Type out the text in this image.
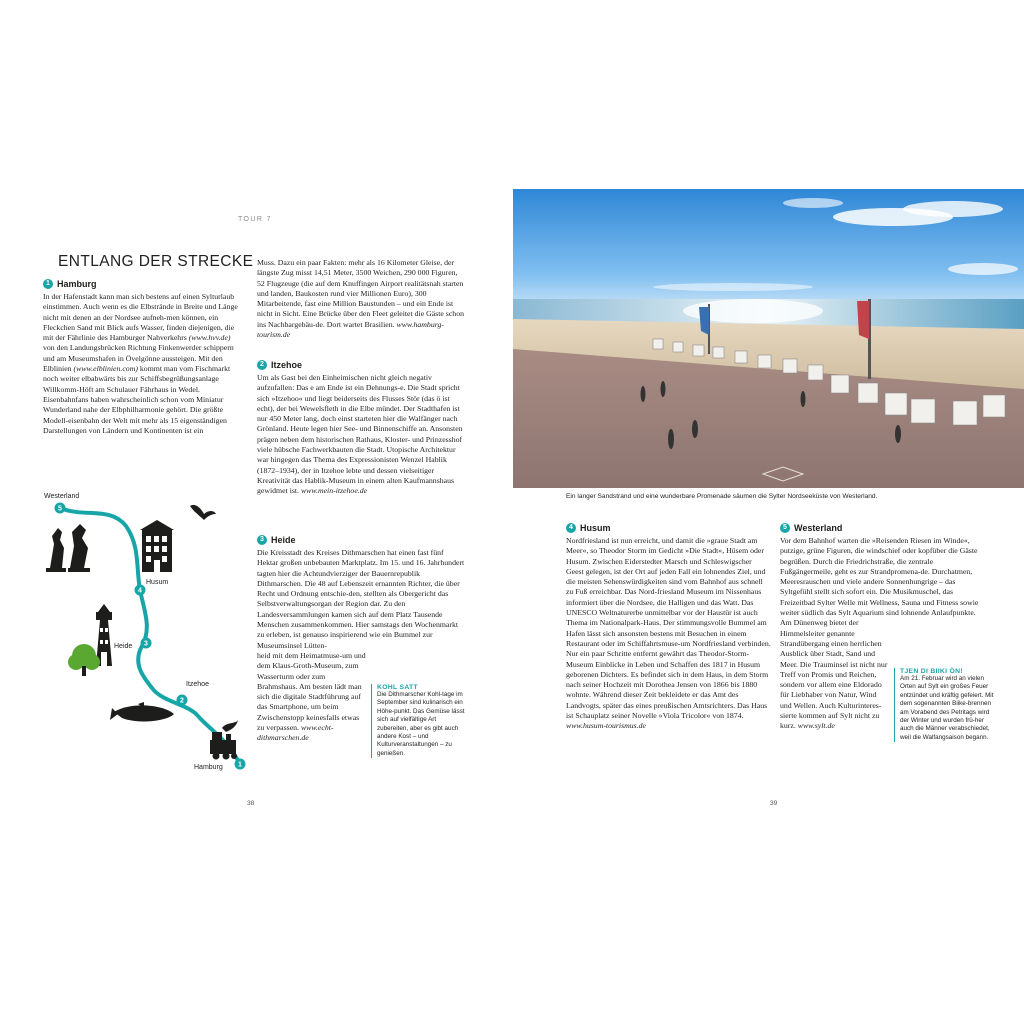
TOUR 7
ENTLANG DER STRECKE
1 Hamburg
In der Hafenstadt kann man sich bestens auf einen Sylturlaub einstimmen. Auch wenn es die Elbstrände in Breite und Länge nicht mit denen an der Nordsee aufneh-men können, ein Fleckchen Sand mit Blick aufs Wasser, finden diejenigen, die mit der Fährlinie des Hamburger Nahverkehrs (www.hvv.de) von den Landungsbrücken Richtung Finkenwerder schippern und am Museumshafen in Övelgönne aussteigen. Mit den Elblinien (www.elblinien.com) kommt man vom Fischmarkt noch weiter elbabwärts bis zur Schiffsbegrüßungsanlage Willkomm-Höft am Schulauer Fährhaus in Wedel. Eisenbahnfans haben wahrscheinlich schon vom Miniatur Wunderland nahe der Elbphilharmonie gehört. Die größte Modell-eisenbahn der Welt mit mehr als 15 eigenständigen Darstellungen von Ländern und Kontinenten ist ein
5
4
3
2
1
Westerland
Husum
Heide
Itzehoe
Hamburg
Muss. Dazu ein paar Fakten: mehr als 16 Kilometer Gleise, der längste Zug misst 14,51 Meter, 3500 Weichen, 290 000 Figuren, 52 Flugzeuge (die auf dem Knuffingen Airport realitätsnah starten und landen, Baukosten rund vier Millionen Euro), 300 Mitarbeitende, fast eine Million Baustunden – und ein Ende ist nicht in Sicht. Eine Brücke über den Fleet geleitet die Gäste schon ins Nachbargebäu-de. Dort wartet Brasilien. www.hamburg-tourism.de
2 Itzehoe
Um als Gast bei den Einheimischen nicht gleich negativ aufzufallen: Das e am Ende ist ein Dehnungs-e. Die Stadt spricht sich »Itzehoo« und liegt beiderseits des Flusses Stör (das ö ist echt), der bei Wewelsfleth in die Elbe mündet. Der Stadthafen ist nur 450 Meter lang, doch einst starteten hier die Walfänger nach Grönland. Heute legen hier See- und Binnenschiffe an. Ansonsten prägen neben dem historischen Rathaus, Kloster- und Prinzesshof viele hübsche Fachwerkbauten die Stadt. Utopische Architektur war hingegen das Thema des Expressionisten Wenzel Hablik (1872–1934), der in Itzehoe lebte und dessen vielseitiger Kreativität das Hablik-Museum in einem alten Kaufmannshaus gewidmet ist. www.mein-itzehoe.de
3 Heide
Die Kreisstadt des Kreises Dithmarschen hat einen fast fünf Hektar großen unbebauten Marktplatz. Im 15. und 16. Jahrhundert tagten hier die Achtundvierziger der Bauernrepublik Dithmarschen. Die 48 auf Lebenszeit ernannten Richter, die über Recht und Ordnung entschie-den, stellten als Obergericht das Selbstverwaltungsorgan der Region dar. Zu den Landesversammlungen kamen sich auf dem Platz Tausende Menschen zusammenkommen. Hier samstags den Wochenmarkt zu erleben, ist genauso inspirierend wie ein Bummel zur Museumsinsel Lütten-
heid mit dem Heimatmuse-um und dem Klaus-Groth-Museum, zum Wasserturm oder zum Brahmshaus. Am besten lädt man sich die digitale Stadtführung auf das Smartphone, um beim Zwischenstopp keinesfalls etwas zu verpassen. www.echt-dithmarschen.de
KOHL SATT
Die Dithmarscher Kohl-tage im September sind kulinarisch ein Höhe-punkt. Das Gemüse lässt sich auf vielfältige Art zubereiten, aber es gibt auch andere Kost – und Kulturveranstaltungen – zu genießen.
38
Ein langer Sandstrand und eine wunderbare Promenade säumen die Sylter Nordseeküste von Westerland.
4 Husum
Nordfriesland ist nun erreicht, und damit die »graue Stadt am Meer«, so Theodor Storm im Gedicht »Die Stadt«, Hüsem oder Husum. Zwischen Eiderstedter Marsch und Schleswigscher Geest gelegen, ist der Ort auf jeden Fall ein lohnendes Ziel, und die meisten Sehenswürdigkeiten sind vom Bahnhof aus schnell zu Fuß erreichbar. Das Nord-friesland Museum im Nissenhaus informiert über die Nordsee, die Halligen und das Watt. Das UNESCO Weltnaturerbe unmittelbar vor der Haustür ist auch Thema im Nationalpark-Haus. Der stimmungsvolle Bummel am Hafen lässt sich ansonsten bestens mit Besuchen in einem Restaurant oder im Schiffahrtsmuse-um Nordfriesland verbinden. Nur ein paar Schritte entfernt gewährt das Theodor-Storm-Museum Einblicke in Leben und Schaffen des 1817 in Husum geborenen Dichters. Es befindet sich in dem Haus, in dem Storm nach seiner Hochzeit mit Dorothea Jensen von 1866 bis 1880 wohnte. Während dieser Zeit bekleidete er das Amt des Landvogts, später das eines preußischen Amtsrichters. Das Haus ist Schauplatz seiner Novelle »Viola Tricolor« von 1874. www.husum-tourismus.de
5 Westerland
Vor dem Bahnhof warten die »Reisenden Riesen im Winde«, putzige, grüne Figuren, die windschief oder kopfüber die Gäste begrüßen. Durch die Friedrichstraße, die zentrale Fußgängermeile, geht es zur Strandpromena-de. Durchatmen, Meeresrauschen und viele andere Sonnenhungrige – das Syltgefühl stellt sich sofort ein. Die Musikmuschel, das Freizeitbad Sylter Welle mit Wellness, Sauna und Fitness sowie weiter südlich das Sylt Aquarium sind lohnende Anlaufpunkte. Am Dünenweg bietet der
Himmelsleiter genannte Strandübergang einen herrlichen Ausblick über Stadt, Sand und Meer. Die Trauminsel ist nicht nur Treff von Promis und Reichen, sondern vor allem eine Eldorado für Liebhaber von Natur, Wind und Wellen. Auch Kulturinteres-sierte kommen auf Sylt nicht zu kurz. www.sylt.de
TJEN DI BIIKI ÖN!
Am 21. Februar wird an vielen Orten auf Sylt ein großes Feuer entzündet und kräftig gefeiert. Mit dem sogenannten Biike-brennen am Vorabend des Petritags wird der Winter und wurden frü-her auch die Männer verabschiedet, weil die Walfangsaison begann.
39
